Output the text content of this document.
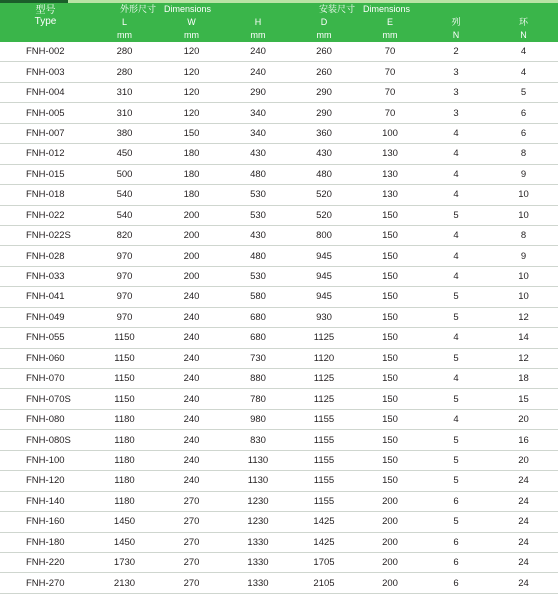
型号
Type	外形尺寸	Dimensions		安装尺寸	Dimensions		
	L	W	H	D	E	列	环
	mm	mm	mm	mm	mm	N	N
FNH-002	280	120	240	260	70	2	4
FNH-003	280	120	240	260	70	3	4
FNH-004	310	120	290	290	70	3	5
FNH-005	310	120	340	290	70	3	6
FNH-007	380	150	340	360	100	4	6
FNH-012	450	180	430	430	130	4	8
FNH-015	500	180	480	480	130	4	9
FNH-018	540	180	530	520	130	4	10
FNH-022	540	200	530	520	150	5	10
FNH-022S	820	200	430	800	150	4	8
FNH-028	970	200	480	945	150	4	9
FNH-033	970	200	530	945	150	4	10
FNH-041	970	240	580	945	150	5	10
FNH-049	970	240	680	930	150	5	12
FNH-055	1150	240	680	1125	150	4	14
FNH-060	1150	240	730	1120	150	5	12
FNH-070	1150	240	880	1125	150	4	18
FNH-070S	1150	240	780	1125	150	5	15
FNH-080	1180	240	980	1155	150	4	20
FNH-080S	1180	240	830	1155	150	5	16
FNH-100	1180	240	1130	1155	150	5	20
FNH-120	1180	240	1130	1155	150	5	24
FNH-140	1180	270	1230	1155	200	6	24
FNH-160	1450	270	1230	1425	200	5	24
FNH-180	1450	270	1330	1425	200	6	24
FNH-220	1730	270	1330	1705	200	6	24
FNH-270	2130	270	1330	2105	200	6	24
